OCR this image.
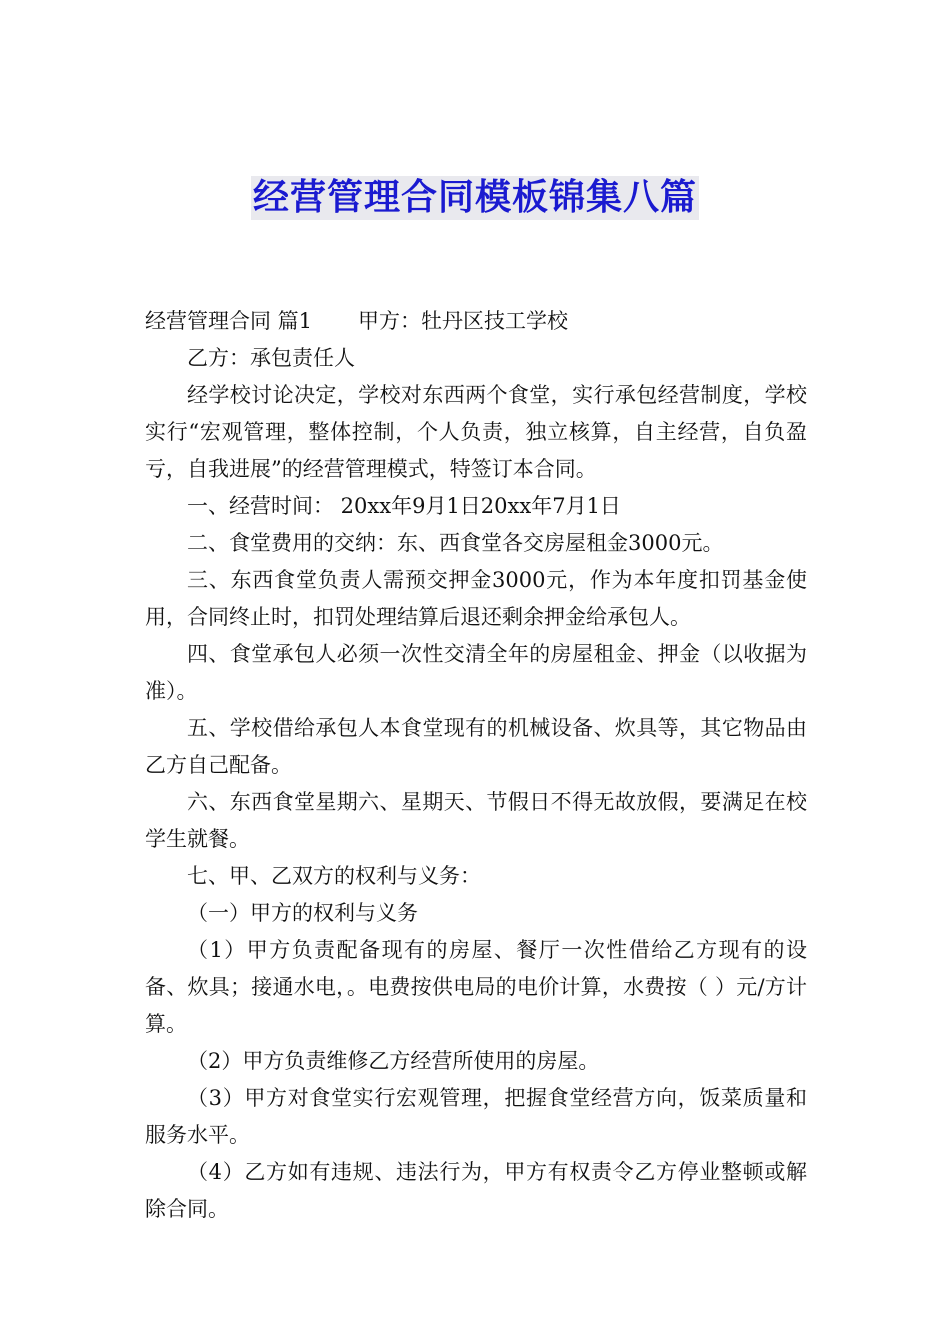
经营管理合同模板锦集八篇

经营管理合同 篇1 甲方：牡丹区技工学校

乙方：承包责任人

经学校讨论决定，学校对东西两个食堂，实行承包经营制度，学校实行“宏观管理，整体控制，个人负责，独立核算，自主经营，自负盈亏，自我进展”的经营管理模式，特签订本合同。

一、经营时间： 20xx年9月1日20xx年7月1日

二、食堂费用的交纳：东、西食堂各交房屋租金3000元。

三、东西食堂负责人需预交押金3000元，作为本年度扣罚基金使用，合同终止时，扣罚处理结算后退还剩余押金给承包人。

四、食堂承包人必须一次性交清全年的房屋租金、押金（以收据为准）。

五、学校借给承包人本食堂现有的机械设备、炊具等，其它物品由乙方自己配备。

六、东西食堂星期六、星期天、节假日不得无故放假，要满足在校学生就餐。

七、甲、乙双方的权利与义务：

（一）甲方的权利与义务

（1）甲方负责配备现有的房屋、餐厅一次性借给乙方现有的设备、炊具；接通水电，。电费按供电局的电价计算，水费按（ ）元/方计算。

（2）甲方负责维修乙方经营所使用的房屋。

（3）甲方对食堂实行宏观管理，把握食堂经营方向，饭菜质量和服务水平。

（4）乙方如有违规、违法行为，甲方有权责令乙方停业整顿或解除合同。
